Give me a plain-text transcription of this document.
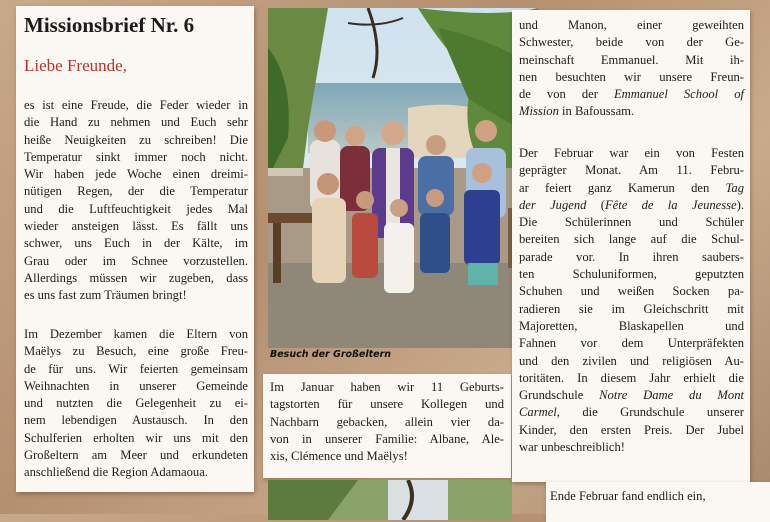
Missionsbrief Nr. 6

Liebe Freunde,

es ist eine Freude, die Feder wieder in
die Hand zu nehmen und Euch sehr
heiße Neuigkeiten zu schreiben! Die
Temperatur sinkt immer noch nicht.
Wir haben jede Woche einen dreimi-
nütigen Regen, der die Temperatur
und die Luftfeuchtigkeit jedes Mal
wieder ansteigen lässt. Es fällt uns
schwer, uns Euch in der Kälte, im
Grau oder im Schnee vorzustellen.
Allerdings müssen wir zugeben, dass
es uns fast zum Träumen bringt!

Im Dezember kamen die Eltern von
Maëlys zu Besuch, eine große Freu-
de für uns. Wir feierten gemeinsam
Weihnachten in unserer Gemeinde
und nutzten die Gelegenheit zu ei-
nem lebendigen Austausch. In den
Schulferien erholten wir uns mit den
Großeltern am Meer und erkundeten
anschließend die Region Adamaoua.

Besuch der Großeltern

Im Januar haben wir 11 Geburts-
tagstorten für unsere Kollegen und
Nachbarn gebacken, allein vier da-
von in unserer Familie: Albane, Ale-
xis, Clémence und Maëlys!

und Manon, einer geweihten
Schwester, beide von der Ge-
meinschaft Emmanuel. Mit ih-
nen besuchten wir unsere Freun-
de von der Emmanuel School of
Mission in Bafoussam.

Der Februar war ein von Festen
geprägter Monat. Am 11. Febru-
ar feiert ganz Kamerun den Tag
der Jugend (Fête de la Jeunesse).
Die Schülerinnen und Schüler
bereiten sich lange auf die Schul-
parade vor. In ihren saubers-
ten Schuluniformen, geputzten
Schuhen und weißen Socken pa-
radieren sie im Gleichschritt mit
Majoretten, Blaskapellen und
Fahnen vor dem Unterpräfekten
und den zivilen und religiösen Au-
toritäten. In diesem Jahr erhielt die
Grundschule Notre Dame du Mont
Carmel, die Grundschule unserer
Kinder, den ersten Preis. Der Jubel
war unbeschreiblich!

Ende Februar fand endlich ein,
